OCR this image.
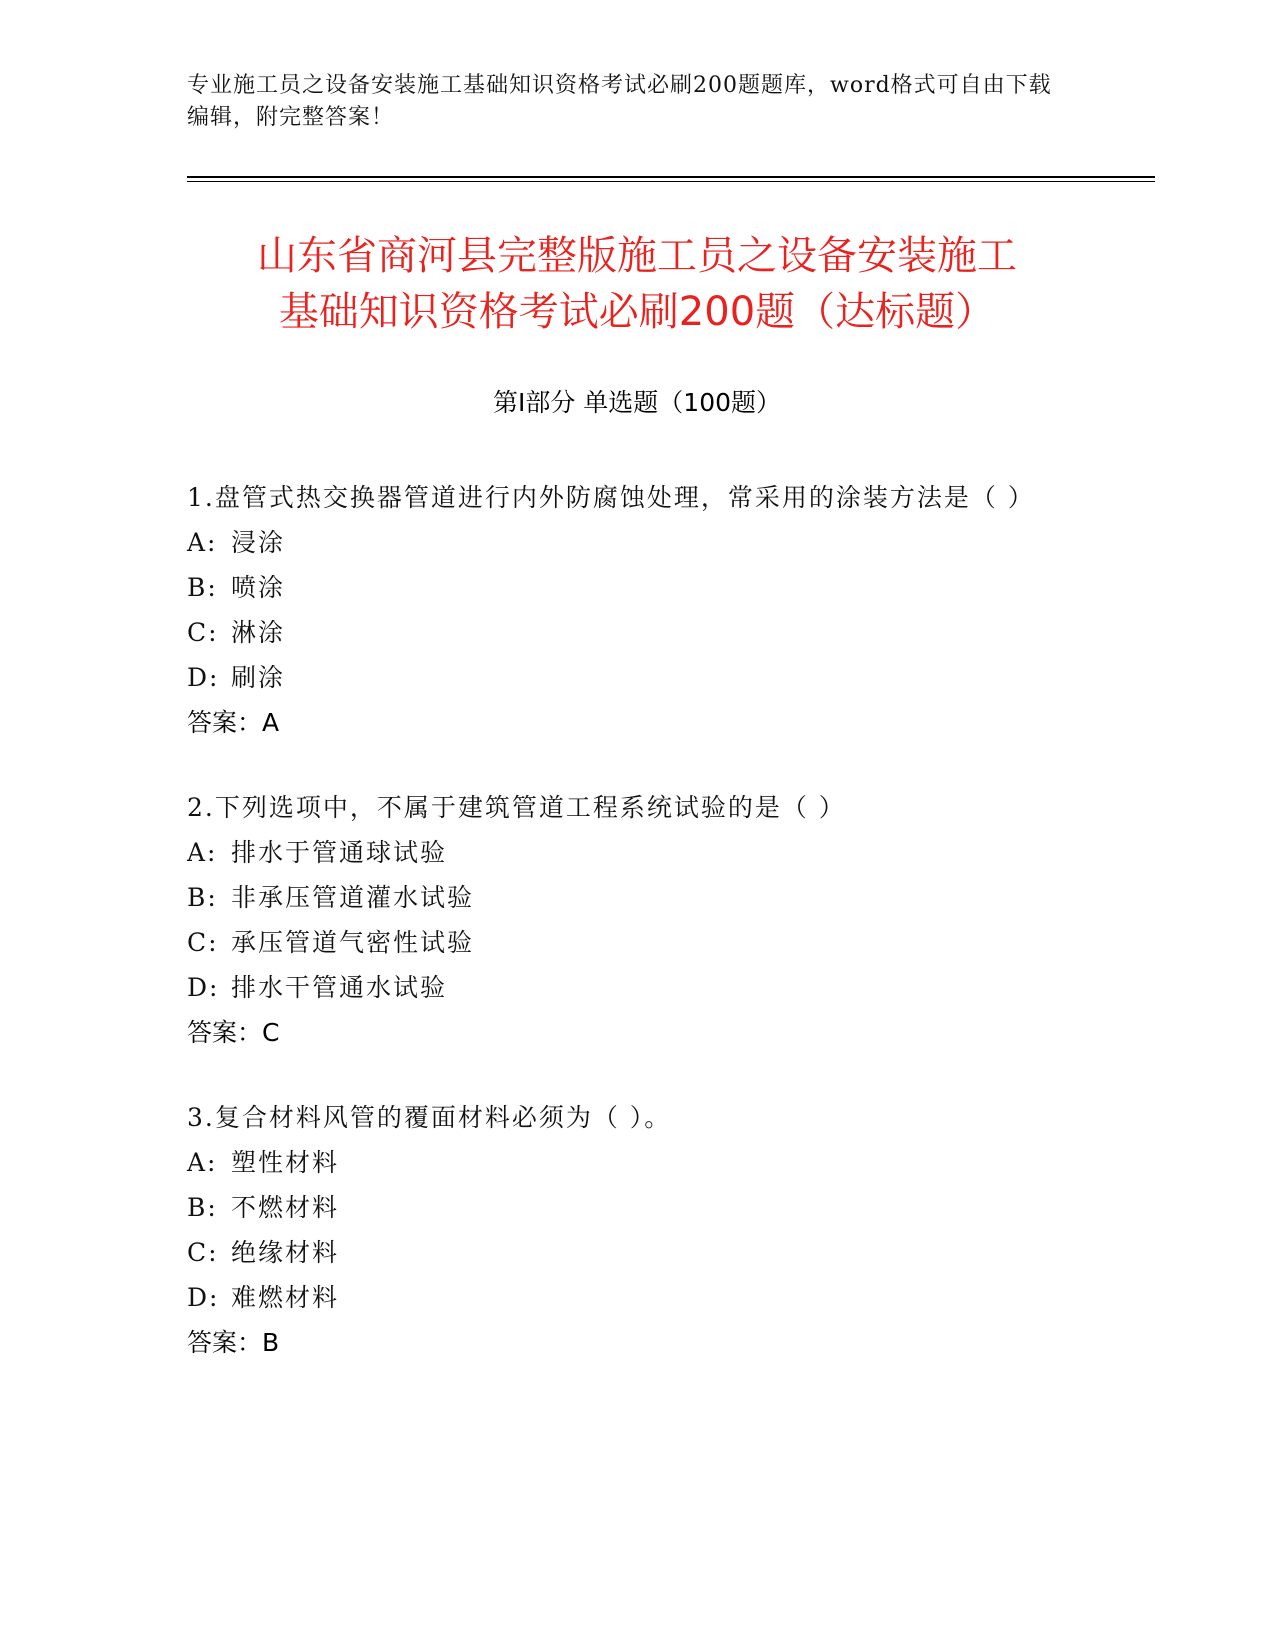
专业施工员之设备安装施工基础知识资格考试必刷200题题库，word格式可自由下载编辑，附完整答案！
山东省商河县完整版施工员之设备安装施工
基础知识资格考试必刷200题（达标题）
第Ⅰ部分 单选题（100题）
1.盘管式热交换器管道进行内外防腐蚀处理，常采用的涂装方法是（ ）
A: 浸涂
B: 喷涂
C: 淋涂
D: 刷涂
答案：A
2.下列选项中，不属于建筑管道工程系统试验的是（ ）
A: 排水于管通球试验
B: 非承压管道灌水试验
C: 承压管道气密性试验
D: 排水干管通水试验
答案：C
3.复合材料风管的覆面材料必须为（ ）。
A: 塑性材料
B: 不燃材料
C: 绝缘材料
D: 难燃材料
答案：B
